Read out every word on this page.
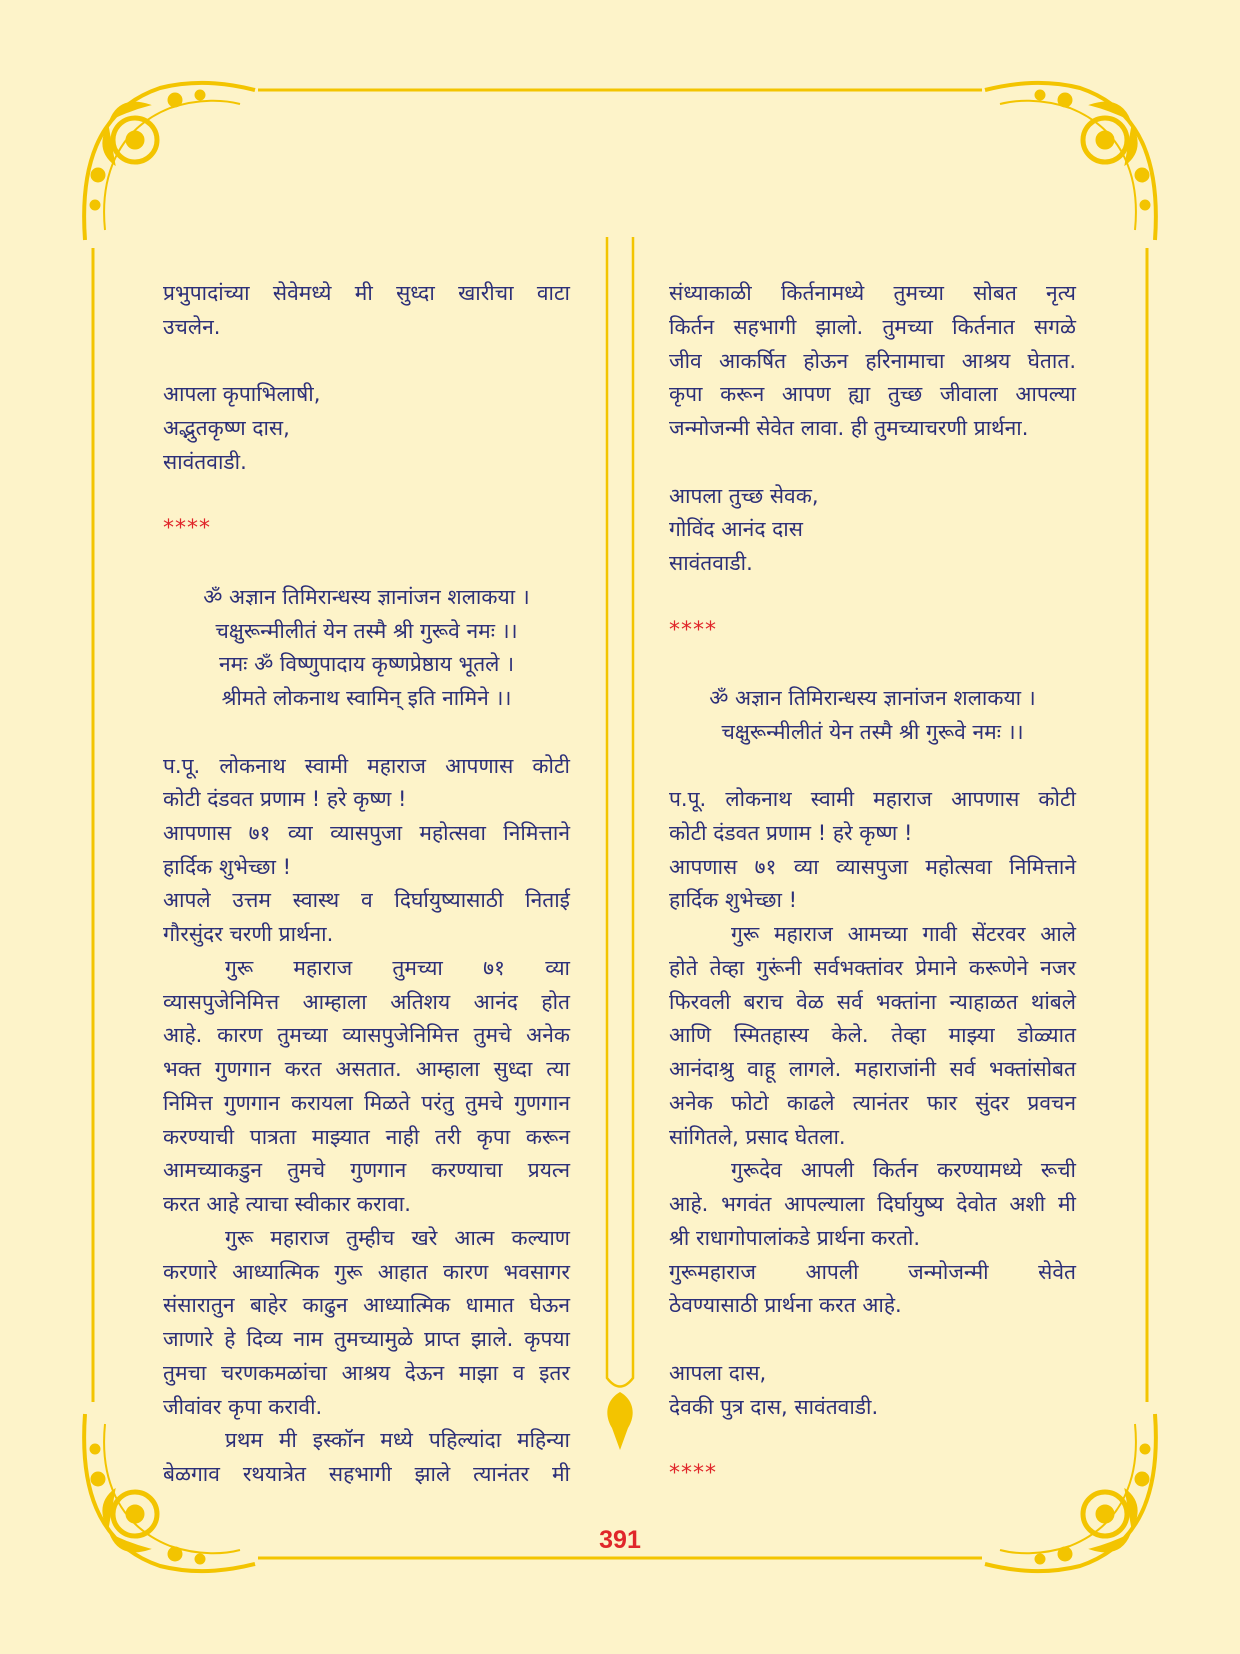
प्रभुपादांच्या सेवेमध्ये मी सुध्दा खारीचा वाटा
उचलेन.
आपला कृपाभिलाषी,
अद्भुतकृष्ण दास,
सावंतवाडी.
****
ॐ अज्ञान तिमिरान्धस्य ज्ञानांजन शलाकया ।
चक्षुरून्मीलीतं येन तस्मै श्री गुरूवे नमः ।।
नमः ॐ विष्णुपादाय कृष्णप्रेष्ठाय भूतले ।
श्रीमते लोकनाथ स्वामिन् इति नामिने ।।
प.पू. लोकनाथ स्वामी महाराज आपणास कोटी
कोटी दंडवत प्रणाम ! हरे कृष्ण !
आपणास ७१ व्या व्यासपुजा महोत्सवा निमित्ताने
हार्दिक शुभेच्छा !
आपले उत्तम स्वास्थ व दिर्घायुष्यासाठी निताई
गौरसुंदर चरणी प्रार्थना.
गुरू महाराज तुमच्या ७१ व्या
व्यासपुजेनिमित्त आम्हाला अतिशय आनंद होत
आहे. कारण तुमच्या व्यासपुजेनिमित्त तुमचे अनेक
भक्त गुणगान करत असतात. आम्हाला सुध्दा त्या
निमित्त गुणगान करायला मिळते परंतु तुमचे गुणगान
करण्याची पात्रता माझ्यात नाही तरी कृपा करून
आमच्याकडुन तुमचे गुणगान करण्याचा प्रयत्न
करत आहे त्याचा स्वीकार करावा.
गुरू महाराज तुम्हीच खरे आत्म कल्याण
करणारे आध्यात्मिक गुरू आहात कारण भवसागर
संसारातुन बाहेर काढुन आध्यात्मिक धामात घेऊन
जाणारे हे दिव्य नाम तुमच्यामुळे प्राप्त झाले. कृपया
तुमचा चरणकमळांचा आश्रय देऊन माझा व इतर
जीवांवर कृपा करावी.
प्रथम मी इस्कॉन मध्ये पहिल्यांदा महिन्या
बेळगाव रथयात्रेत सहभागी झाले त्यानंतर मी
संध्याकाळी किर्तनामध्ये तुमच्या सोबत नृत्य
किर्तन सहभागी झालो. तुमच्या किर्तनात सगळे
जीव आकर्षित होऊन हरिनामाचा आश्रय घेतात.
कृपा करून आपण ह्या तुच्छ जीवाला आपल्या
जन्मोजन्मी सेवेत लावा. ही तुमच्याचरणी प्रार्थना.
आपला तुच्छ सेवक,
गोविंद आनंद दास
सावंतवाडी.
****
ॐ अज्ञान तिमिरान्धस्य ज्ञानांजन शलाकया ।
चक्षुरून्मीलीतं येन तस्मै श्री गुरूवे नमः ।।
प.पू. लोकनाथ स्वामी महाराज आपणास कोटी
कोटी दंडवत प्रणाम ! हरे कृष्ण !
आपणास ७१ व्या व्यासपुजा महोत्सवा निमित्ताने
हार्दिक शुभेच्छा !
गुरू महाराज आमच्या गावी सेंटरवर आले
होते तेव्हा गुरूंनी सर्वभक्तांवर प्रेमाने करूणेने नजर
फिरवली बराच वेळ सर्व भक्तांना न्याहाळत थांबले
आणि स्मितहास्य केले. तेव्हा माझ्या डोळ्यात
आनंदाश्रु वाहू लागले. महाराजांनी सर्व भक्तांसोबत
अनेक फोटो काढले त्यानंतर फार सुंदर प्रवचन
सांगितले, प्रसाद घेतला.
गुरूदेव आपली किर्तन करण्यामध्ये रूची
आहे. भगवंत आपल्याला दिर्घायुष्य देवोत अशी मी
श्री राधागोपालांकडे प्रार्थना करतो.
गुरूमहाराज आपली जन्मोजन्मी सेवेत
ठेवण्यासाठी प्रार्थना करत आहे.
आपला दास,
देवकी पुत्र दास, सावंतवाडी.
****
391
